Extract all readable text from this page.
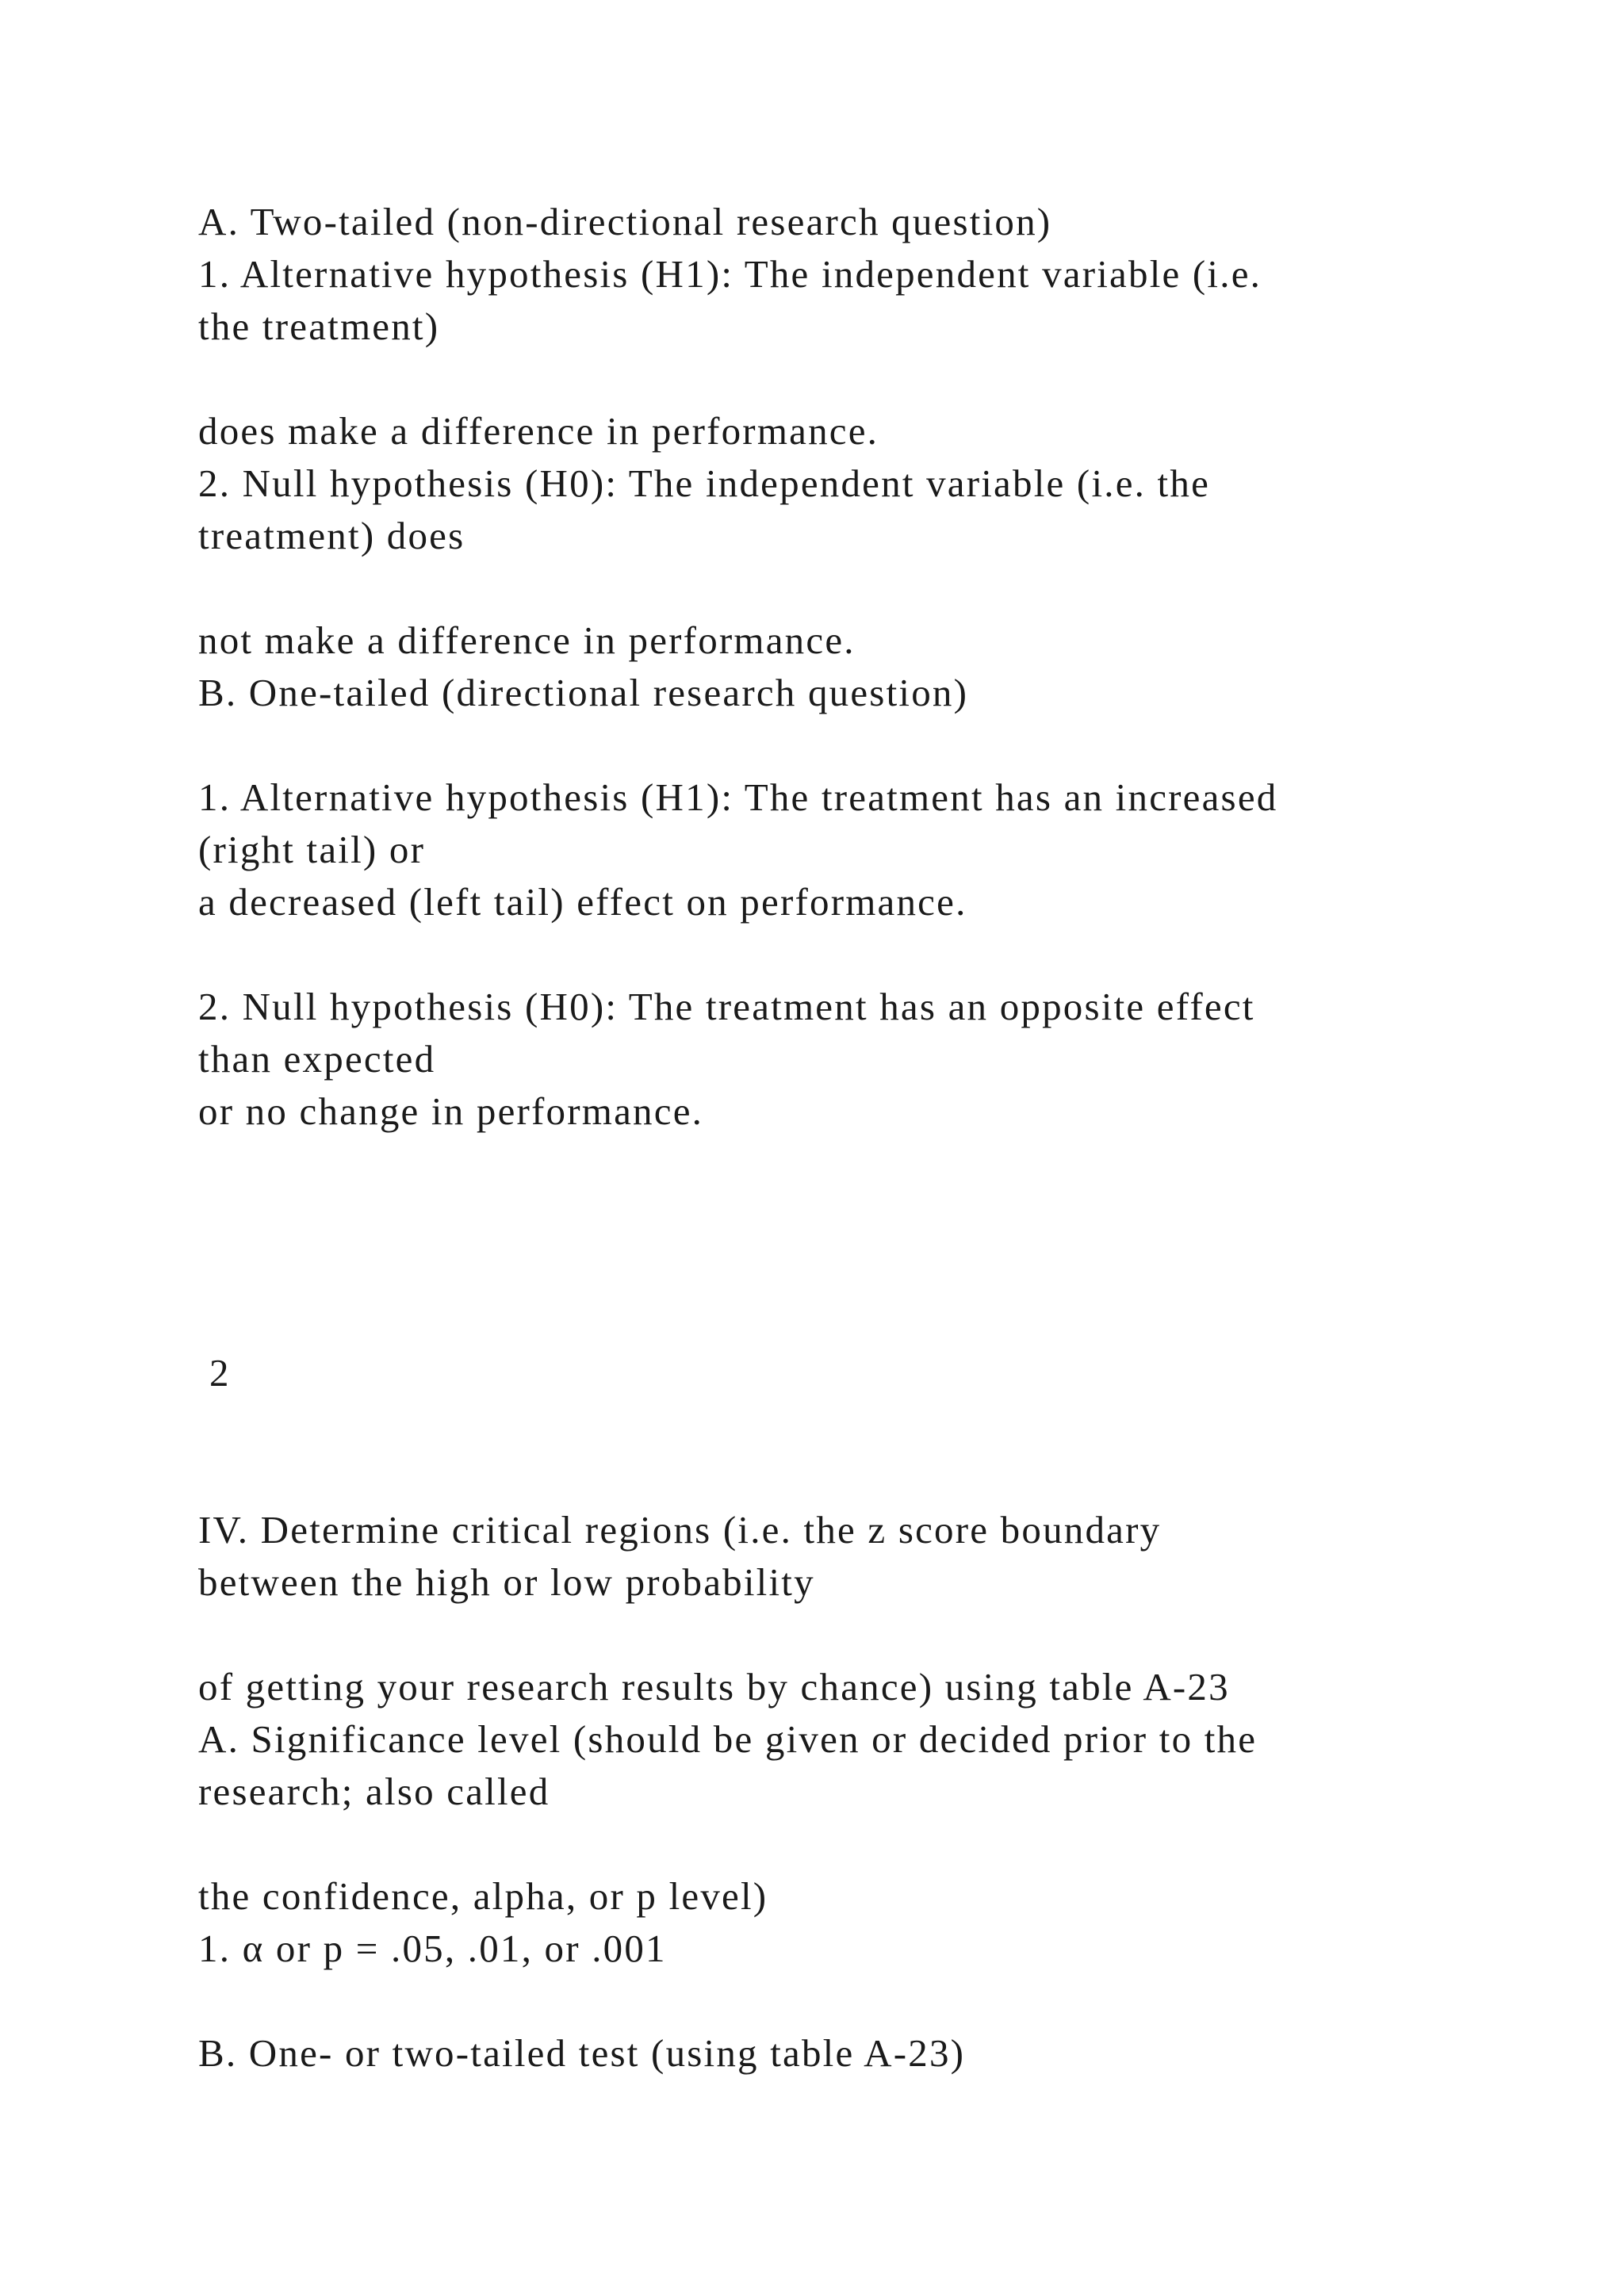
A. Two-tailed (non-directional research question)
1. Alternative hypothesis (H1): The independent variable (i.e.
the treatment)
does make a difference in performance.
2. Null hypothesis (H0): The independent variable (i.e. the
treatment) does
not make a difference in performance.
B. One-tailed (directional research question)
1. Alternative hypothesis (H1): The treatment has an increased
(right tail) or
a decreased (left tail) effect on performance.
2. Null hypothesis (H0): The treatment has an opposite effect
than expected
or no change in performance.
2
IV. Determine critical regions (i.e. the z score boundary
between the high or low probability
of getting your research results by chance) using table A-23
A. Significance level (should be given or decided prior to the
research; also called
the confidence, alpha, or p level)
1. α or p = .05, .01, or .001
B. One- or two-tailed test (using table A-23)
